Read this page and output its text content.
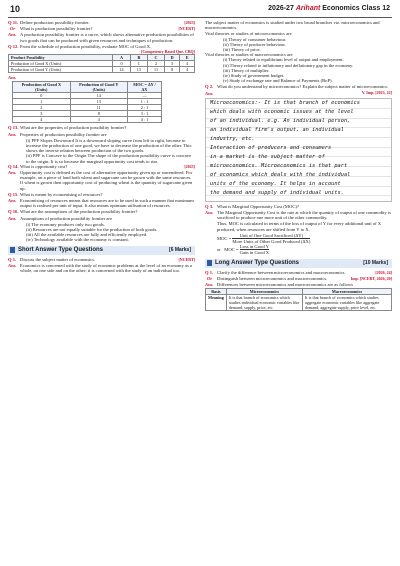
10	2026-27 Arihant Economics Class 12
Q 11.	[2023]
Define production possibility frontier.
Or	[NCERT]
What is production possibility frontier?
Ans. A production possibility frontier is a curve, which shows alternative production possibilities of two goods that can be produced with given resources and techniques of production.
Q 12. From the schedule of production possibility, evaluate MOC of Good X.
[Competency Based Que. CBQ]
Product Possibility	A	B	C	D	E
Production of Good X (Units)	0	1	2	3	4
Production of Good Y (Units)	14	13	11	8	4
Ans.

Production of Good X (Units)	Production of Good Y (Units)	MOC = ΔY / ΔX
0	14	—
1	13	1 : 1
2	11	2 : 1
3	8	3 : 1
4	4	4 : 1
Q 13. What are the properties of production possibility frontier?
Ans. Properties of production possibility frontier are

(i) PPF Slopes Downward It is a downward sloping curve from left to right, because to increase the production of one good, we have to decrease the production of the other. This shows the inverse relation between production of the two goods.

(ii) PPF is Concave to the Origin The shape of the production possibility curve is concave to the origin. It is so because the marginal opportunity cost tends to rise.

Q 14.	[2025]
What is opportunity cost?
Ans. Opportunity cost is defined as the cost of alternative opportunity given up or surrendered. For example, on a piece of land both wheat and sugarcane can be grown with the same resources. If wheat is grown then opportunity cost of producing wheat is the quantity of sugarcane given up.
Q 15. What is meant by economising of resources?
Ans. Economising of resources means that resources are to be used in such a manner that maximum output is realised per unit of input. It also means optimum utilisation of resources.
Q 16. What are the assumptions of the production possibility frontier?
Ans. Assumptions of production possibility frontier are

(i) The economy produces only two goods.

(ii) Resources are not equally suitable for the production of both goods.

(iii) All the available resources are fully and efficiently employed.

(iv) Technology available with the economy is constant.

Short Answer Type Questions	[6 Marks]
Q 1.	[NCERT]
Discuss the subject matter of economics.
Ans. Economics is concerned with the study of economic problems at the level of an economy as a whole, on one side and on the other; it is concerned with the study of an individual too.

The subject matter of economics is studied under two broad branches viz. microeconomics and macroeconomics.

Vital theories or studies of microeconomics are

(i) Theory of consumer behaviour.

(ii) Theory of producer behaviour.

(iii) Theory of price.

Vital theories or studies of macroeconomics are

(i) Theory related to equilibrium level of output and employment.

(ii) Theory related to inflationary and deflationary gap in the economy.

(iii) Theory of multiplier.

(iv) Study of government budget.

(v) Study of exchange rate and Balance of Payments (BoP).

Q 2. What do you understand by microeconomics? Explain the subject matter of microeconomics.
V. Imp. [2023, 22]
Ans.

Microeconomics:- It is that branch of economics
which deals with economic issues at the level
of an individual. e.g. An individual person,
an individual firm's output, an individual
industry, etc.
Interaction of producers and consumers
in a market is the subject matter of
microeconomics. Microeconomics is that part
of economics which deals with the individual
units of the economy. It helps in account
the demand and supply of individual units.
Q 3. What is Marginal Opportunity Cost (MOC)?
Ans. The Marginal Opportunity Cost is the rate at which the quantity of output of one commodity is sacrificed to produce one more unit of the other commodity.

Thus, MOC is calculated in terms of the loss of output of Y for every additional unit of X produced, when resources are shifted from Y to X.

MOC = $\frac{\text{Unit of One Good Sacrificed (ΔY)}}{\text{More Units of Other Good Produced (ΔX)}}$
or MOC = $\frac{\text{Loss in Good Y}}{\text{Gain in Good X}}$
Long Answer Type Questions	[10 Marks]
Q 1. Clarify the difference between microeconomics and macroeconomics.	[2026, 24]
Or Distinguish between microeconomics and macroeconomics.	Imp. [NCERT, 2026, 20]
Ans. Differences between microeconomics and macroeconomics are as follows
Basis	Microeconomics	Macroeconomics
Meaning	It is that branch of economics which studies individual economic variables like demand, supply, price, etc.	It is that branch of economics which studies aggregate economic variables like aggregate demand, aggregate supply, price level, etc.
